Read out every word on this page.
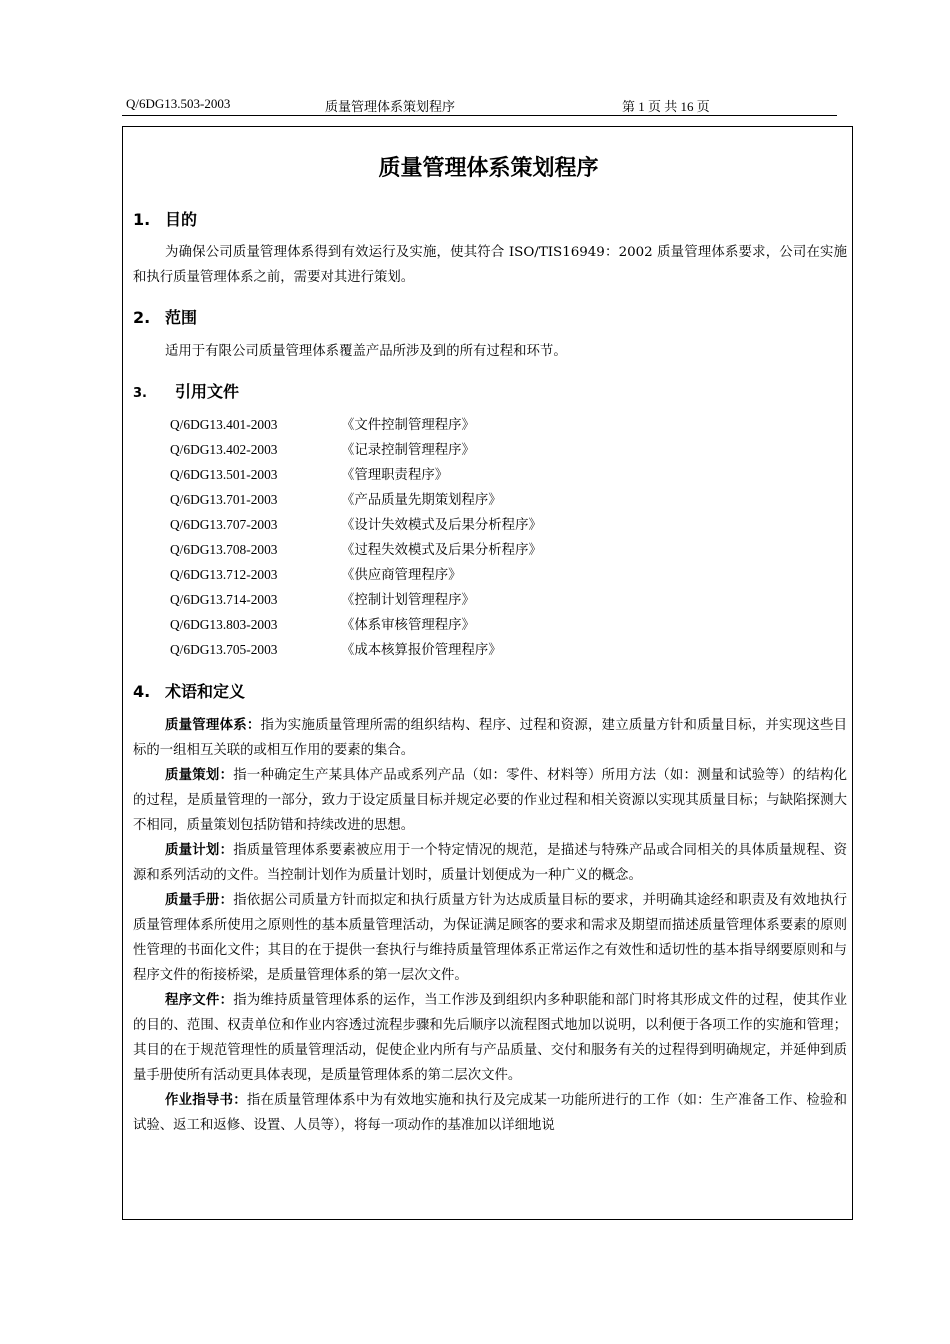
Q/6DG13.503-2003	质量管理体系策划程序	第 1 页 共 16 页
质量管理体系策划程序
1. 目的

为确保公司质量管理体系得到有效运行及实施，使其符合 ISO/TIS16949：2002 质量管理体系要求，公司在实施和执行质量管理体系之前，需要对其进行策划。

2. 范围

适用于有限公司质量管理体系覆盖产品所涉及到的所有过程和环节。

3. 引用文件
Q/6DG13.401-2003	《文件控制管理程序》
Q/6DG13.402-2003	《记录控制管理程序》
Q/6DG13.501-2003	《管理职责程序》
Q/6DG13.701-2003	《产品质量先期策划程序》
Q/6DG13.707-2003	《设计失效模式及后果分析程序》
Q/6DG13.708-2003	《过程失效模式及后果分析程序》
Q/6DG13.712-2003	《供应商管理程序》
Q/6DG13.714-2003	《控制计划管理程序》
Q/6DG13.803-2003	《体系审核管理程序》
Q/6DG13.705-2003	《成本核算报价管理程序》
4. 术语和定义

质量管理体系：指为实施质量管理所需的组织结构、程序、过程和资源，建立质量方针和质量目标，并实现这些目标的一组相互关联的或相互作用的要素的集合。

质量策划：指一种确定生产某具体产品或系列产品（如：零件、材料等）所用方法（如：测量和试验等）的结构化的过程，是质量管理的一部分，致力于设定质量目标并规定必要的作业过程和相关资源以实现其质量目标；与缺陷探测大不相同，质量策划包括防错和持续改进的思想。

质量计划：指质量管理体系要素被应用于一个特定情况的规范，是描述与特殊产品或合同相关的具体质量规程、资源和系列活动的文件。当控制计划作为质量计划时，质量计划便成为一种广义的概念。

质量手册：指依据公司质量方针而拟定和执行质量方针为达成质量目标的要求，并明确其途经和职责及有效地执行质量管理体系所使用之原则性的基本质量管理活动，为保证满足顾客的要求和需求及期望而描述质量管理体系要素的原则性管理的书面化文件；其目的在于提供一套执行与维持质量管理体系正常运作之有效性和适切性的基本指导纲要原则和与程序文件的衔接桥梁，是质量管理体系的第一层次文件。

程序文件：指为维持质量管理体系的运作，当工作涉及到组织内多种职能和部门时将其形成文件的过程，使其作业的目的、范围、权责单位和作业内容透过流程步骤和先后顺序以流程图式地加以说明，以利便于各项工作的实施和管理；其目的在于规范管理性的质量管理活动，促使企业内所有与产品质量、交付和服务有关的过程得到明确规定，并延伸到质量手册使所有活动更具体表现，是质量管理体系的第二层次文件。

作业指导书：指在质量管理体系中为有效地实施和执行及完成某一功能所进行的工作（如：生产准备工作、检验和试验、返工和返修、设置、人员等），将每一项动作的基准加以详细地说
